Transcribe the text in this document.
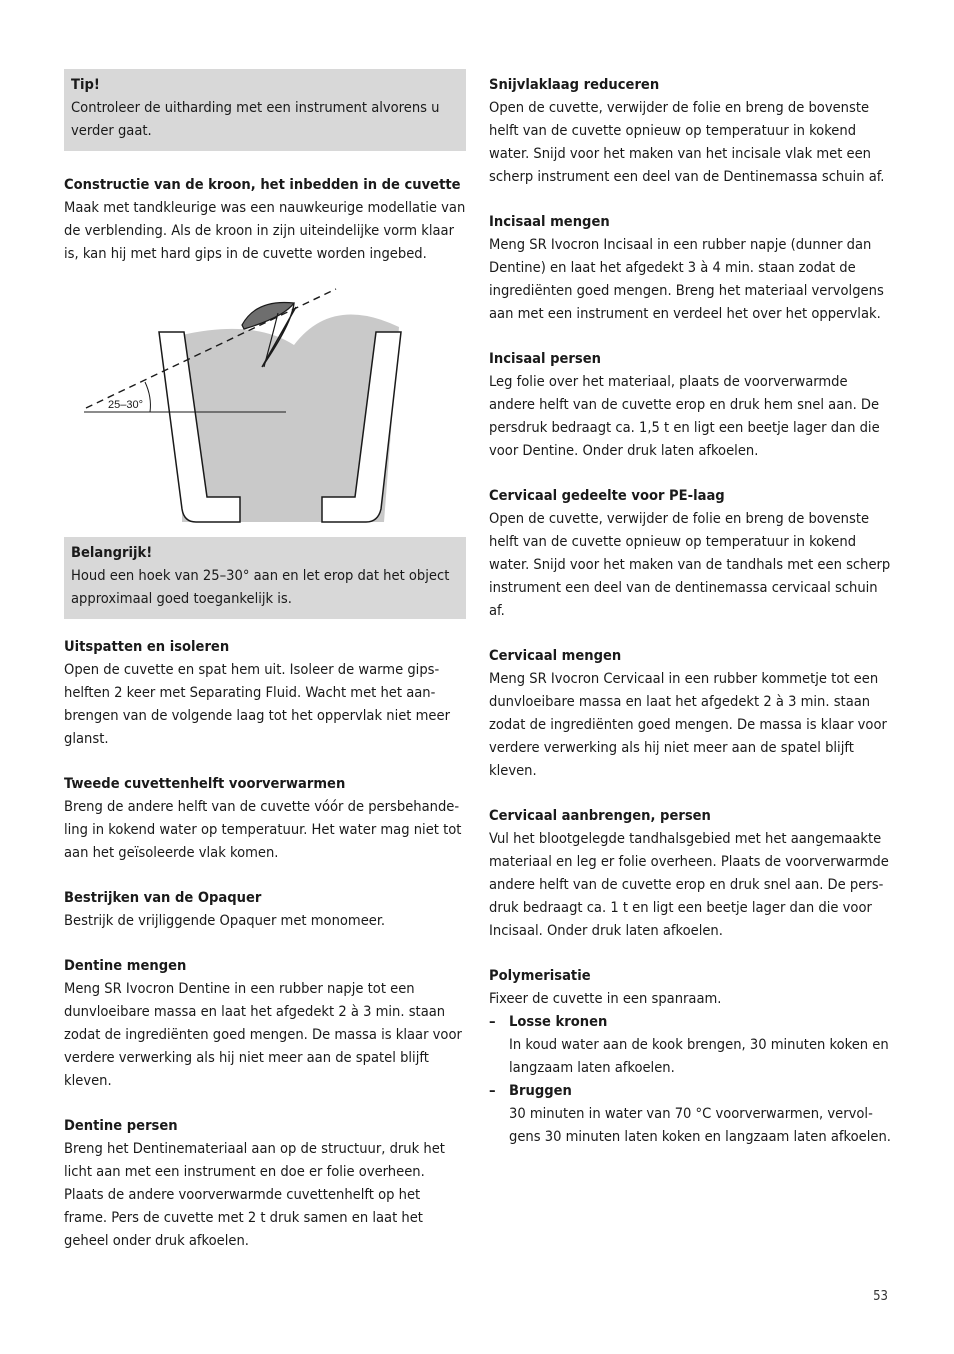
Tip!
Controleer de uitharding met een instrument alvorens u verder gaat.
Constructie van de kroon, het inbedden in de cuvette

Maak met tandkleurige was een nauwkeurige modellatie van de verblending. Als de kroon in zijn uiteindelijke vorm klaar is, kan hij met hard gips in de cuvette worden ingebed.

25–30°
Belangrijk!
Houd een hoek van 25–30° aan en let erop dat het object approximaal goed toegankelijk is.
Uitspatten en isoleren

Open de cuvette en spat hem uit. Isoleer de warme gipshelften 2 keer met Separating Fluid. Wacht met het aanbrengen van de volgende laag tot het oppervlak niet meer glanst.

Tweede cuvettenhelft voorverwarmen

Breng de andere helft van de cuvette vóór de persbehandeling in kokend water op temperatuur. Het water mag niet tot aan het geïsoleerde vlak komen.

Bestrijken van de Opaquer

Bestrijk de vrijliggende Opaquer met monomeer.

Dentine mengen

Meng SR Ivocron Dentine in een rubber napje tot een dunvloeibare massa en laat het afgedekt 2 à 3 min. staan zodat de ingrediënten goed mengen. De massa is klaar voor verdere verwerking als hij niet meer aan de spatel blijft kleven.

Dentine persen

Breng het Dentinemateriaal aan op de structuur, druk het licht aan met een instrument en doe er folie overheen. Plaats de andere voorverwarmde cuvettenhelft op het frame. Pers de cuvette met 2 t druk samen en laat het geheel onder druk afkoelen.

Snijvlaklaag reduceren

Open de cuvette, verwijder de folie en breng de bovenste helft van de cuvette opnieuw op temperatuur in kokend water. Snijd voor het maken van het incisale vlak met een scherp instrument een deel van de Dentinemassa schuin af.

Incisaal mengen

Meng SR Ivocron Incisaal in een rubber napje (dunner dan Dentine) en laat het afgedekt 3 à 4 min. staan zodat de ingrediënten goed mengen. Breng het materiaal vervolgens aan met een instrument en verdeel het over het oppervlak.

Incisaal persen

Leg folie over het materiaal, plaats de voorverwarmde andere helft van de cuvette erop en druk hem snel aan. De persdruk bedraagt ca. 1,5 t en ligt een beetje lager dan die voor Dentine. Onder druk laten afkoelen.

Cervicaal gedeelte voor PE-laag

Open de cuvette, verwijder de folie en breng de bovenste helft van de cuvette opnieuw op temperatuur in kokend water. Snijd voor het maken van de tandhals met een scherp instrument een deel van de dentinemassa cervicaal schuin af.

Cervicaal mengen

Meng SR Ivocron Cervicaal in een rubber kommetje tot een dunvloeibare massa en laat het afgedekt 2 à 3 min. staan zodat de ingrediënten goed mengen. De massa is klaar voor verdere verwerking als hij niet meer aan de spatel blijft kleven.

Cervicaal aanbrengen, persen

Vul het blootgelegde tandhalsgebied met het aangemaakte materiaal en leg er folie overheen. Plaats de voorverwarmde andere helft van de cuvette erop en druk snel aan. De persdruk bedraagt ca. 1 t en ligt een beetje lager dan die voor Incisaal. Onder druk laten afkoelen.

Polymerisatie

Fixeer de cuvette in een spanraam.

– Losse kronen

In koud water aan de kook brengen, 30 minuten koken en langzaam laten afkoelen.

– Bruggen

30 minuten in water van 70 °C voorverwarmen, vervolgens 30 minuten laten koken en langzaam laten afkoelen.

53
